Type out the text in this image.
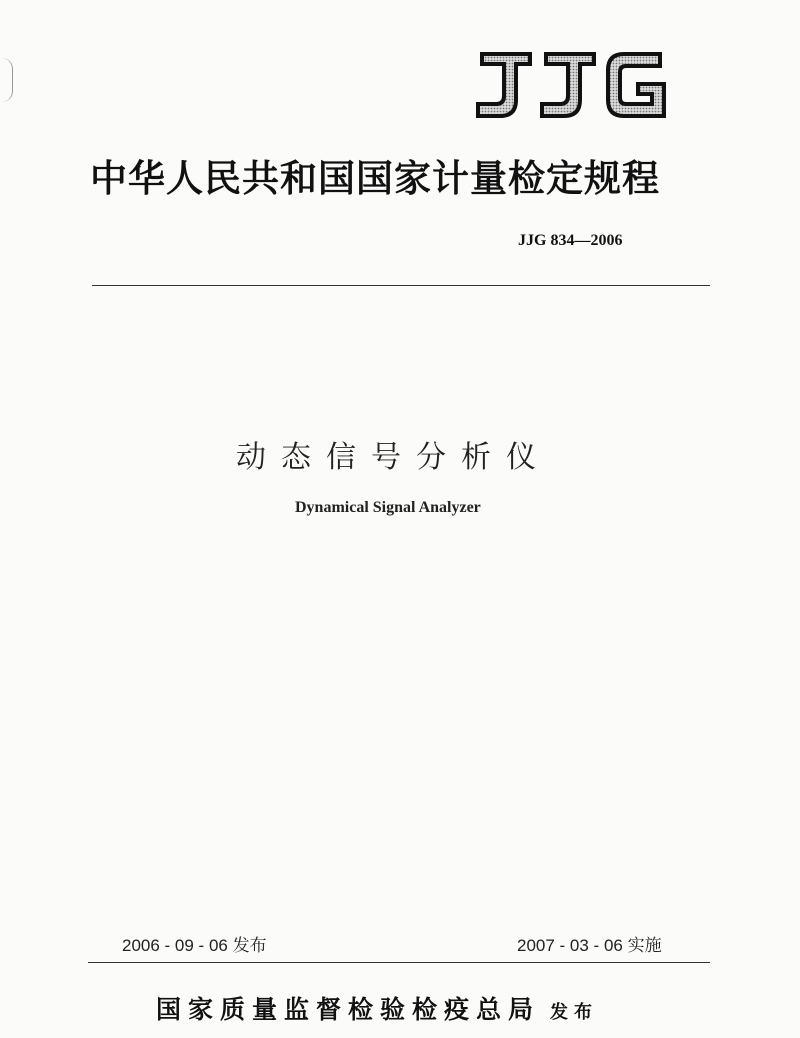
中华人民共和国国家计量检定规程
JJG 834—2006
动态信号分析仪
Dynamical Signal Analyzer
2006 - 09 - 06 发布	2007 - 03 - 06 实施
国家质量监督检验检疫总局 发布
